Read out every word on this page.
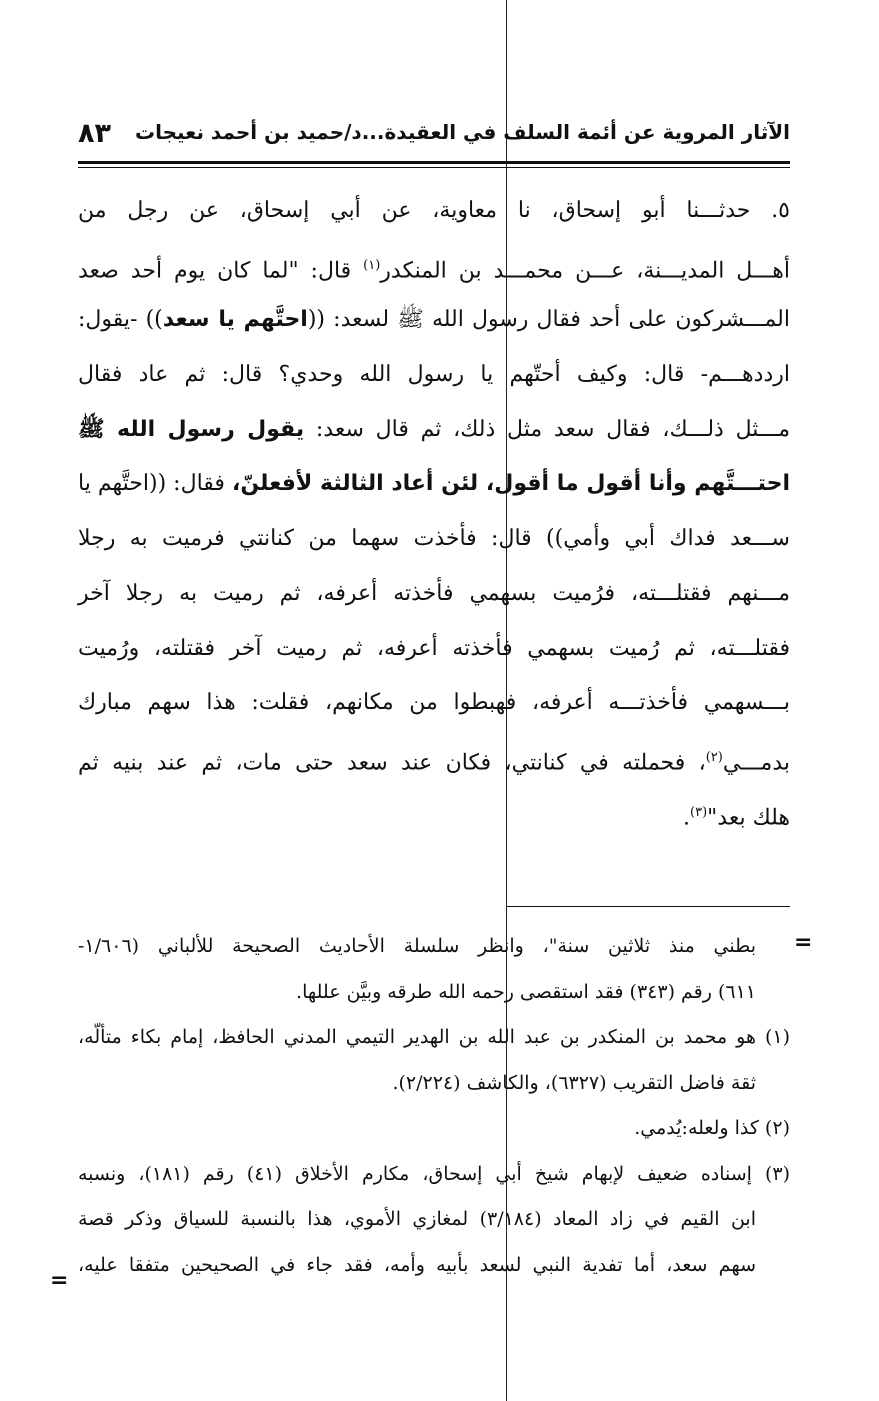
الآثار المروية عن أئمة السلف في العقيدة...د/حميد بن أحمد نعيجات
٨٣
٥. حدثـــنا أبو إسحاق، نا معاوية، عن أبي إسحاق، عن رجل من
أهـــل المديـــنة، عـــن محمـــد بن المنكدر$^{(١)}$ قال: "لما كان يوم أحد صعد
المـــشركون على أحد فقال رسول الله ﷺ لسعد: ((احتَّهم يا سعد)) -يقول:
اردده‍ـــم- قال: وكيف أحتّهم يا رسول الله وحدي؟ قال: ثم عاد فقال
مـــثل ذلـــك، فقال سعد مثل ذلك، ثم قال سعد: يقول رسول الله ﷺ
احتـــتَّهم وأنا أقول ما أقول، لئن أعاد الثالثة لأفعلنّ، فقال: ((احتَّهم يا
ســـعد فداك أبي وأمي)) قال: فأخذت سهما من كنانتي فرميت به رجلا
مـــنهم فقتلـــته، فرُميت بسهمي فأخذته أعرفه، ثم رميت به رجلا آخر
فقتلـــته، ثم رُميت بسهمي فأخذته أعرفه، ثم رميت آخر فقتلته، ورُميت
بـــسهمي فأخذتـــه أعرفه، فهبطوا من مكانهم، فقلت: هذا سهم مبارك
بدمـــي$^{(٢)}$، فحملته في كنانتي، فكان عند سعد حتى مات، ثم عند بنيه ثم
هلك بعد"$^{(٣)}$.
=
=
بطني منذ ثلاثين سنة"، وانظر سلسلة الأحاديث الصحيحة للألباني (١/٦٠٦-
٦١١) رقم (٣٤٣) فقد استقصى رحمه الله طرقه وبيَّن عللها.
(١) هو محمد بن المنكدر بن عبد الله بن الهدير التيمي المدني الحافظ، إمام بكاء متألّه،
ثقة فاضل التقريب (٦٣٢٧)، والكاشف (٢/٢٢٤).
(٢) كذا ولعله:يُدمي.
(٣) إسناده ضعيف لإبهام شيخ أبي إسحاق، مكارم الأخلاق (٤١) رقم (١٨١)، ونسبه
ابن القيم في زاد المعاد (٣/١٨٤) لمغازي الأموي، هذا بالنسبة للسياق وذكر قصة
سهم سعد، أما تفدية النبي لسعد بأبيه وأمه، فقد جاء في الصحيحين متفقا عليه،
